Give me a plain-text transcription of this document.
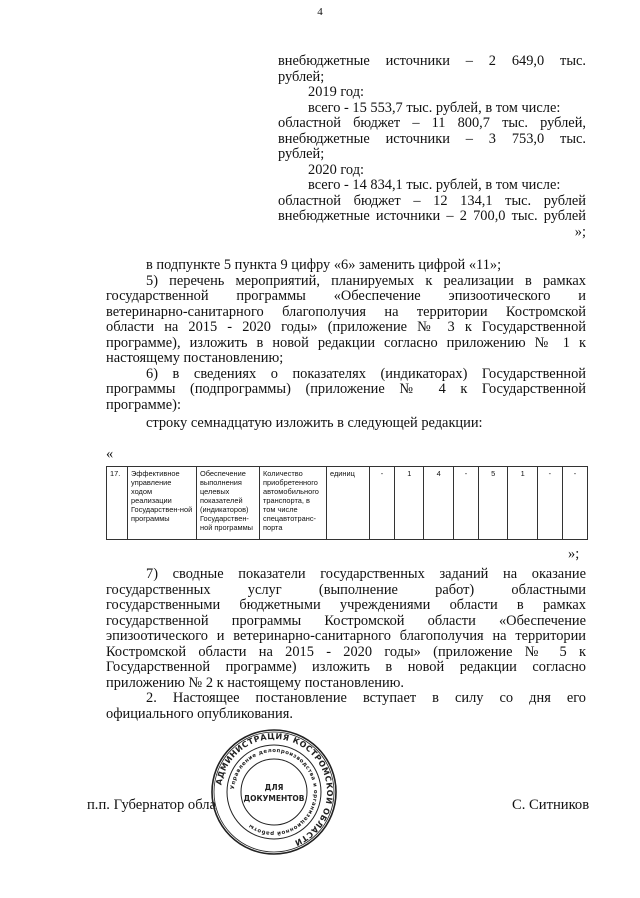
4
внебюджетные источники – 2 649,0 тыс.
рублей;
2019 год:
всего - 15 553,7 тыс. рублей, в том числе:
областной бюджет – 11 800,7 тыс. рублей,
внебюджетные источники – 3 753,0 тыс.
рублей;
2020 год:
всего - 14 834,1 тыс. рублей, в том числе:
областной бюджет – 12 134,1 тыс. рублей
внебюджетные источники – 2 700,0 тыс. рублей
»;

в подпункте 5 пункта 9 цифру «6» заменить цифрой «11»;

5) перечень мероприятий, планируемых к реализации в рамках

государственной программы «Обеспечение эпизоотического и

ветеринарно-санитарного благополучия на территории Костромской

области на 2015 - 2020 годы» (приложение № 3 к Государственной

программе), изложить в новой редакции согласно приложению № 1 к

настоящему постановлению;

6) в сведениях о показателях (индикаторах) Государственной

программы (подпрограммы) (приложение № 4 к Государственной

программе):

строку семнадцатую изложить в следующей редакции:

«
17.	Эффективное управление ходом реализации Государствен-ной программы	Обеспечение выполнения целевых показателей (индикаторов) Государствен-ной программы	Количество приобретенного автомобильного транспорта, в том числе спецавтотранс-порта	единиц	-	1	4	-	5	1	-	-
»;

7) сводные показатели государственных заданий на оказание

государственных услуг (выполнение работ) областными

государственными бюджетными учреждениями области в рамках

государственной программы Костромской области «Обеспечение

эпизоотического и ветеринарно-санитарного благополучия на территории

Костромской области на 2015 - 2020 годы» (приложение № 5 к

Государственной программе) изложить в новой редакции согласно

приложению № 2 к настоящему постановлению.

2. Настоящее постановление вступает в силу со дня его

официального опубликования.

п.п. Губернатор обла	С. Ситников
АДМИНИСТРАЦИЯ КОСТРОМСКОЙ ОБЛАСТИ
Управление делопроизводства и организационной работы
ДЛЯ
ДОКУМЕНТОВ
